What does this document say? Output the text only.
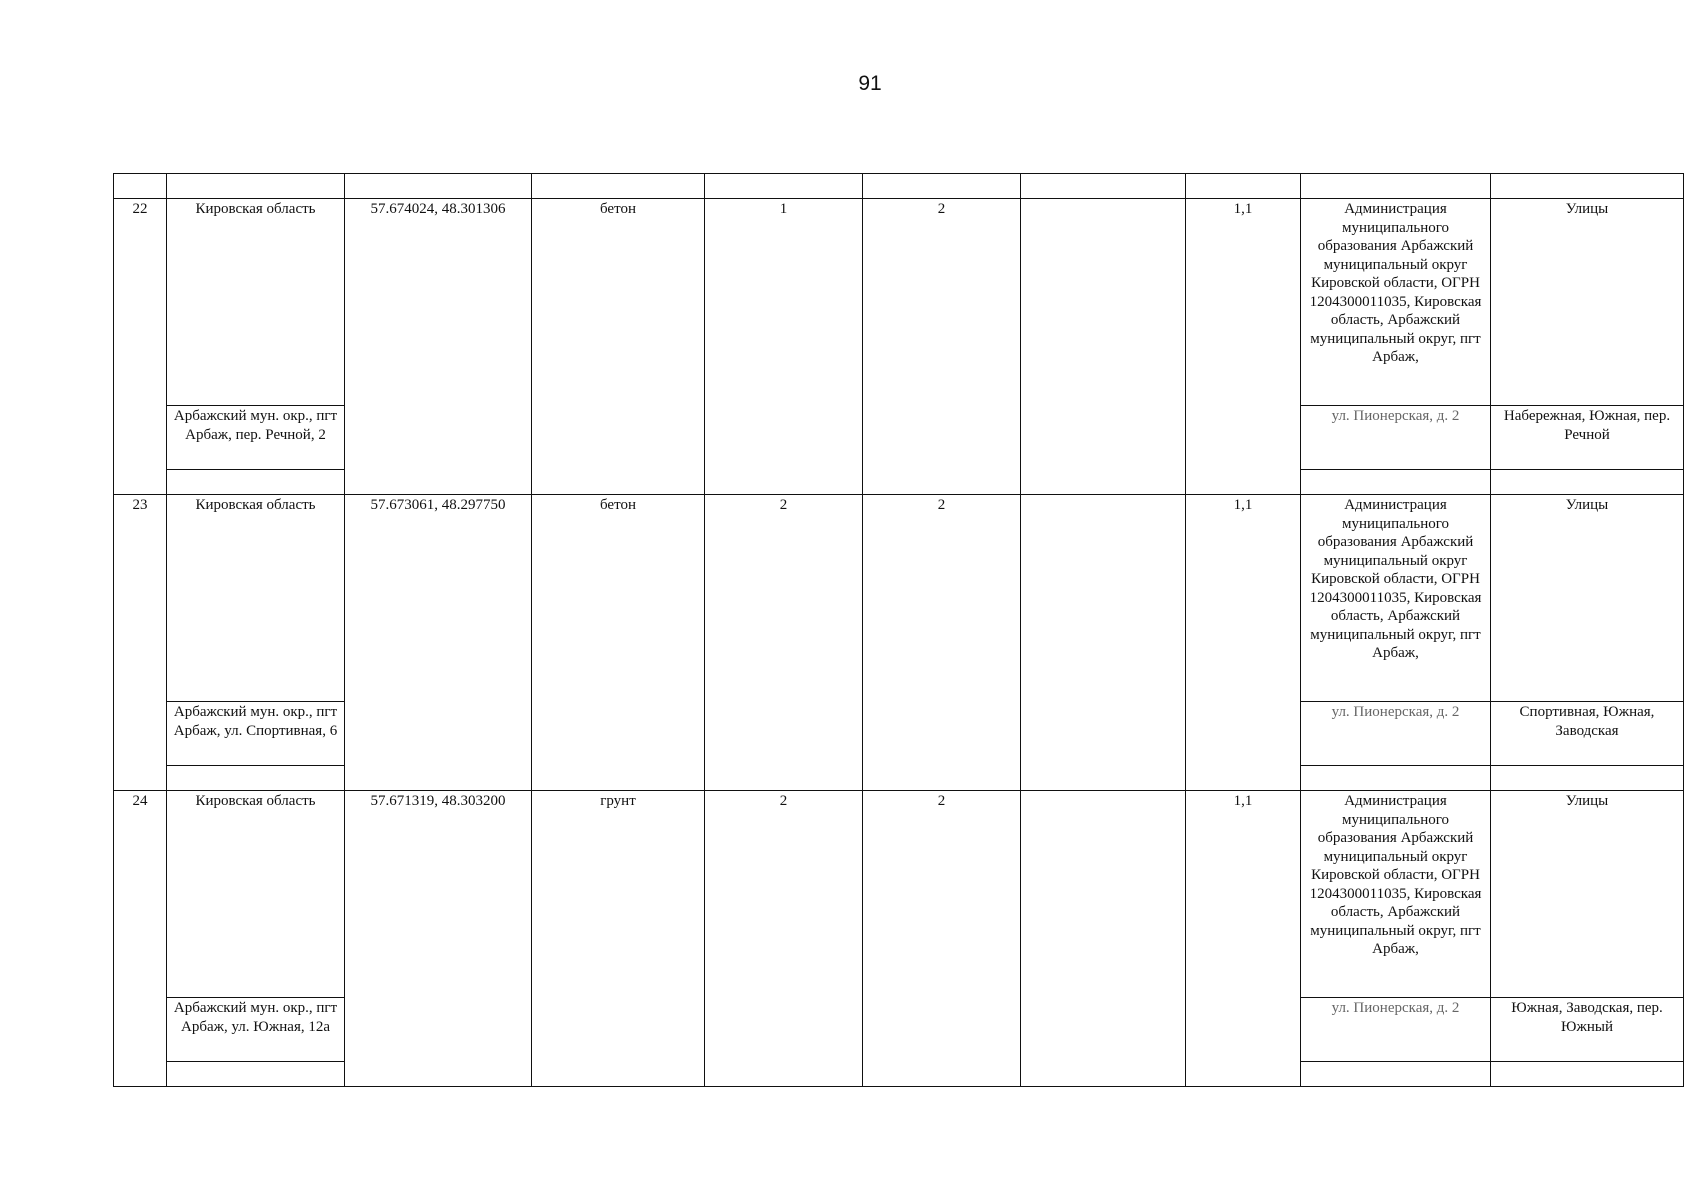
91

22	Кировская область	57.674024, 48.301306	бетон	1	2		1,1	Администрация муниципального образования Арбажский муниципальный округ Кировской области, ОГРН 1204300011035, Кировская область, Арбажский муниципальный округ, пгт Арбаж,	Улицы
	Арбажский мун. окр., пгт Арбаж, пер. Речной, 2							ул. Пионерская, д. 2	Набережная, Южная, пер. Речной

23	Кировская область	57.673061, 48.297750	бетон	2	2		1,1	Администрация муниципального образования Арбажский муниципальный округ Кировской области, ОГРН 1204300011035, Кировская область, Арбажский муниципальный округ, пгт Арбаж,	Улицы
	Арбажский мун. окр., пгт Арбаж, ул. Спортивная, 6							ул. Пионерская, д. 2	Спортивная, Южная, Заводская

24	Кировская область	57.671319, 48.303200	грунт	2	2		1,1	Администрация муниципального образования Арбажский муниципальный округ Кировской области, ОГРН 1204300011035, Кировская область, Арбажский муниципальный округ, пгт Арбаж,	Улицы
	Арбажский мун. окр., пгт Арбаж, ул. Южная, 12а							ул. Пионерская, д. 2	Южная, Заводская, пер. Южный
